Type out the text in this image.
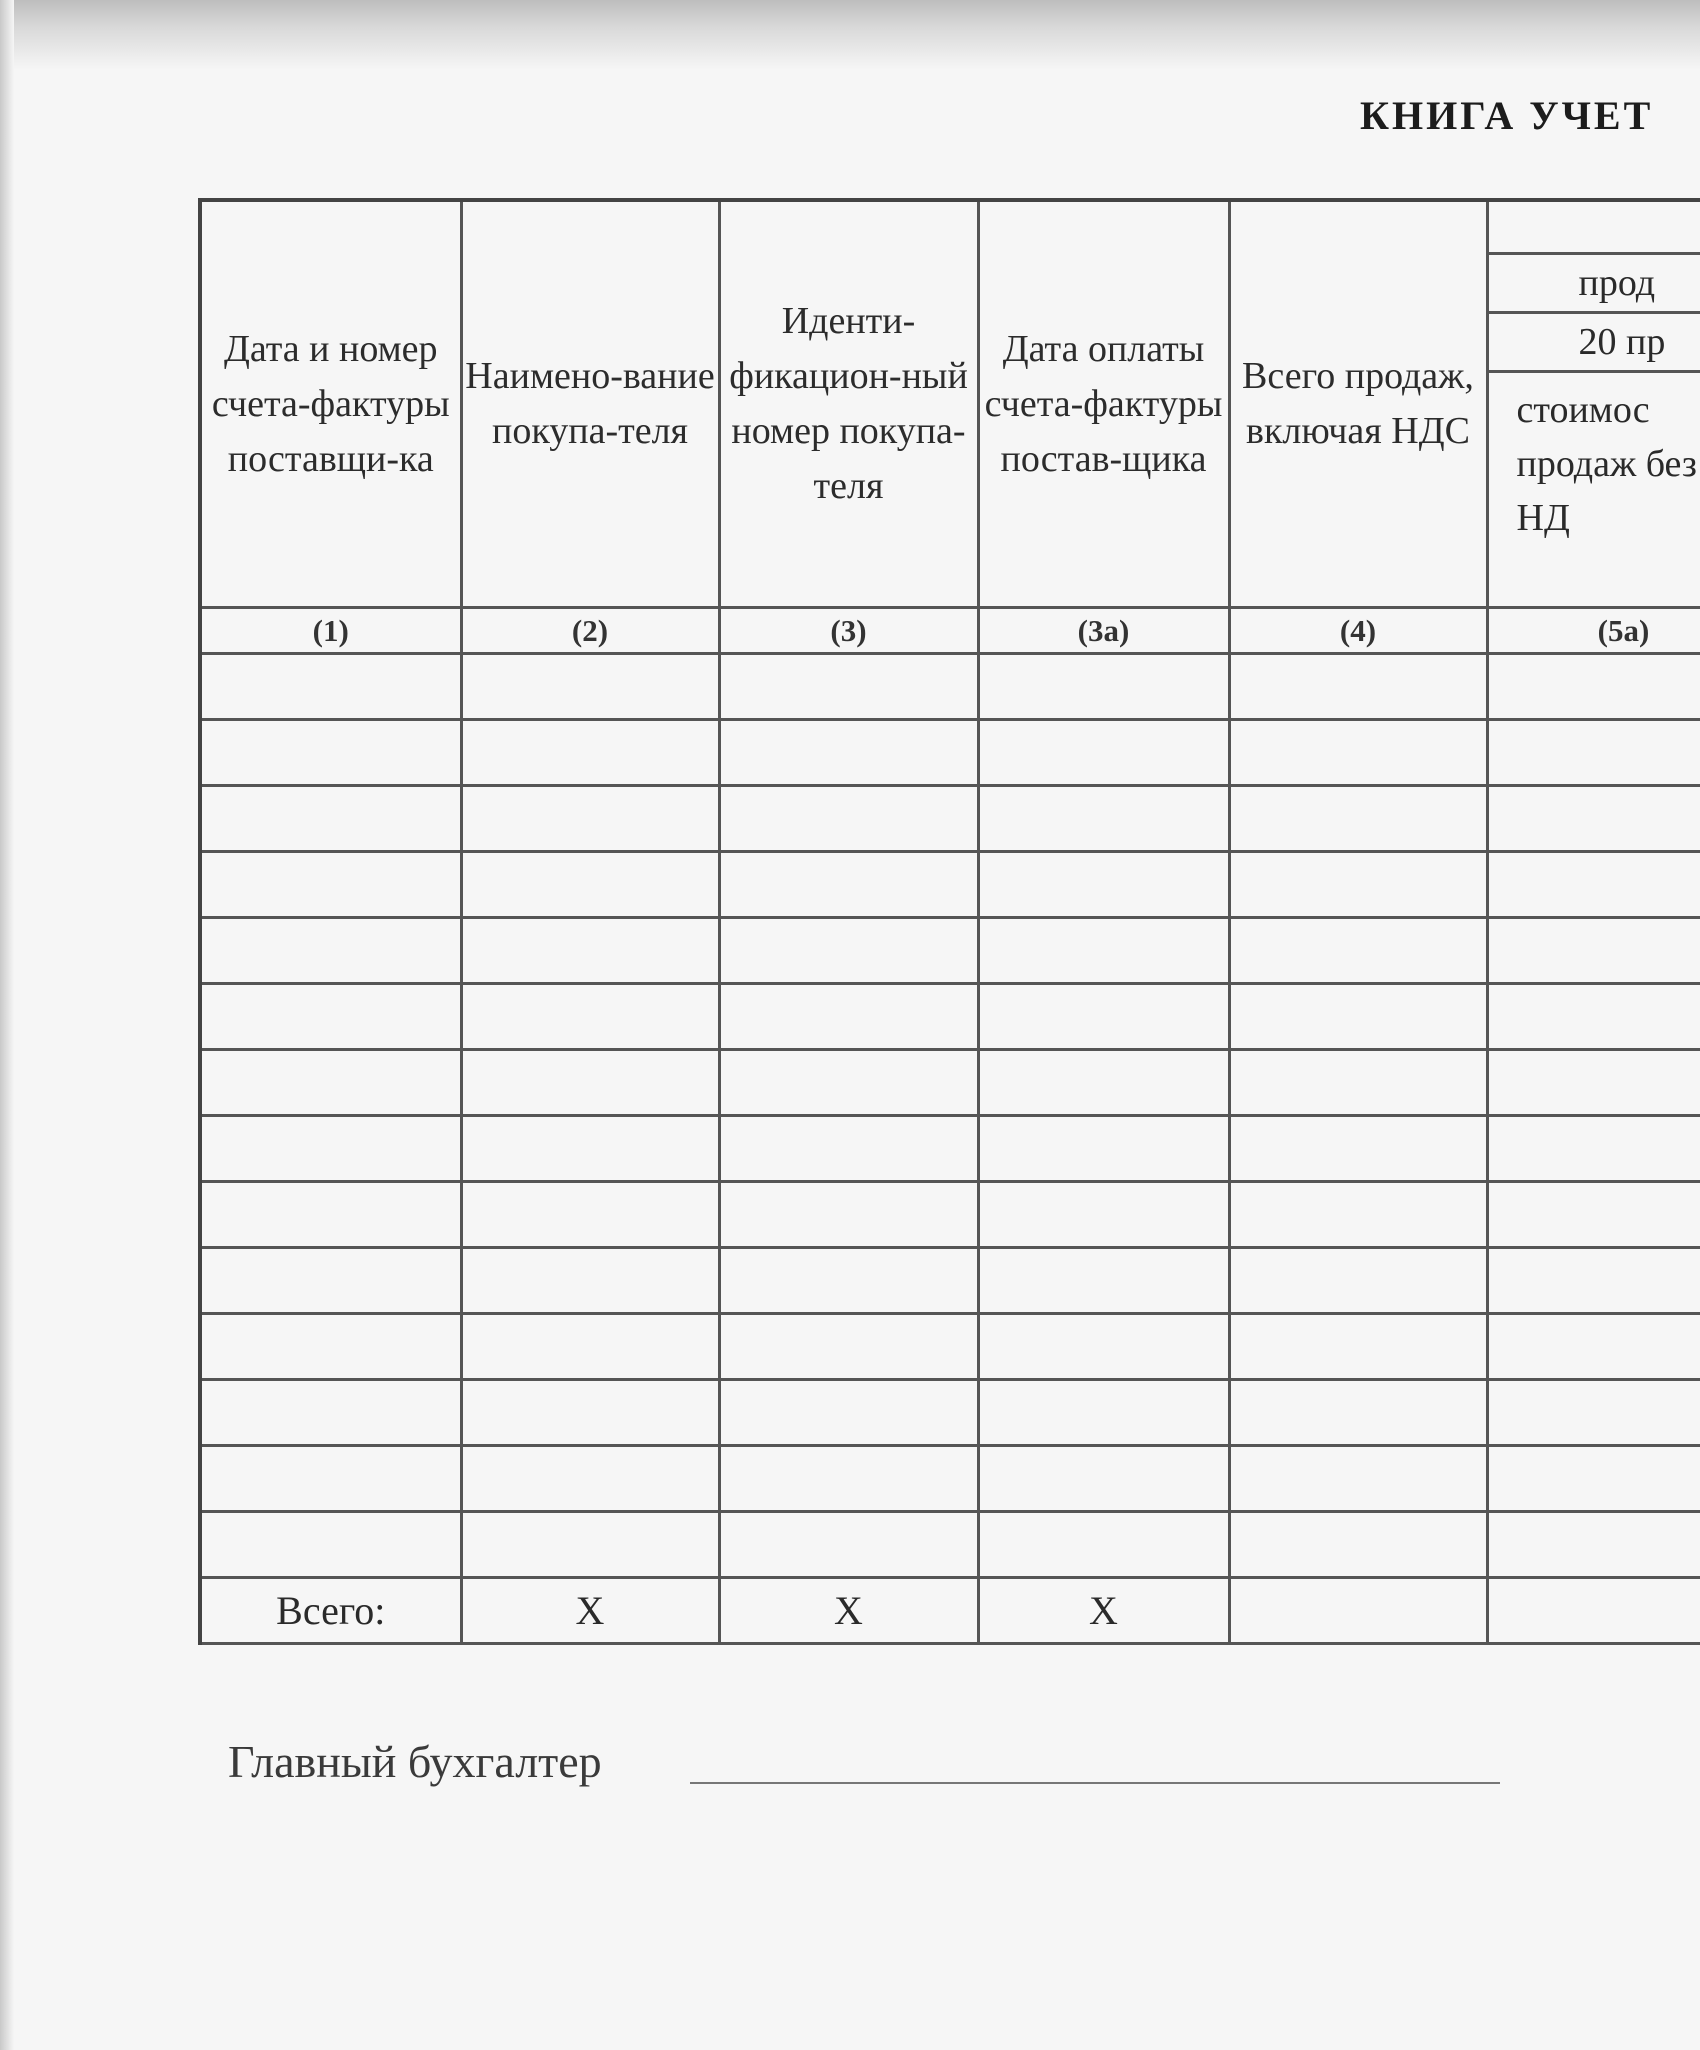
КНИГА УЧЕТ
Дата и номер счета-фактуры поставщи-ка	Наимено-вание покупа-теля	Иденти-фикацион-ный номер покупа-теля	Дата оплаты счета-фактуры постав-щика	Всего продаж, включая НДС	прод
20 пр
стоимос продаж без НД

(1)	(2)	(3)	(3а)	(4)	(5а)

Всего:	Х	Х	Х		
Главный бухгалтер
